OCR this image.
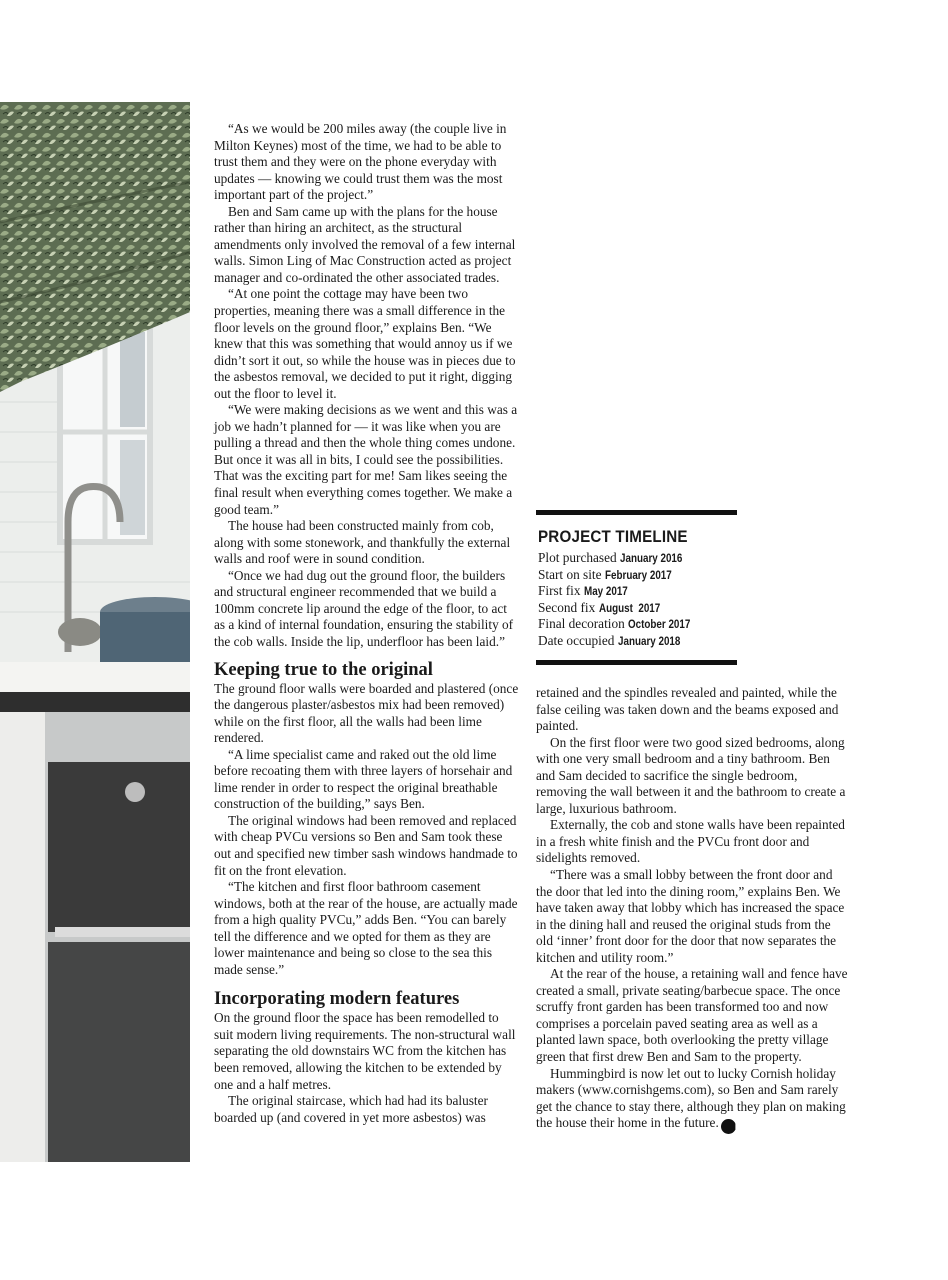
“As we would be 200 miles away (the couple live in Milton Keynes) most of the time, we had to be able to trust them and they were on the phone everyday with updates — knowing we could trust them was the most important part of the project.”

Ben and Sam came up with the plans for the house rather than hiring an architect, as the structural amendments only involved the removal of a few internal walls. Simon Ling of Mac Construction acted as project manager and co-ordinated the other associated trades.

“At one point the cottage may have been two properties, meaning there was a small difference in the floor levels on the ground floor,” explains Ben. “We knew that this was something that would annoy us if we didn’t sort it out, so while the house was in pieces due to the asbestos removal, we decided to put it right, digging out the floor to level it.

“We were making decisions as we went and this was a job we hadn’t planned for — it was like when you are pulling a thread and then the whole thing comes undone. But once it was all in bits, I could see the possibilities. That was the exciting part for me! Sam likes seeing the final result when everything comes together. We make a good team.”

The house had been constructed mainly from cob, along with some stonework, and thankfully the external walls and roof were in sound condition.

“Once we had dug out the ground floor, the builders and structural engineer recommended that we build a 100mm concrete lip around the edge of the floor, to act as a kind of internal foundation, ensuring the stability of the cob walls. Inside the lip, underfloor has been laid.”

Keeping true to the original

The ground floor walls were boarded and plastered (once the dangerous plaster/asbestos mix had been removed) while on the first floor, all the walls had been lime rendered.

“A lime specialist came and raked out the old lime before recoating them with three layers of horsehair and lime render in order to respect the original breathable construction of the building,” says Ben.

The original windows had been removed and replaced with cheap PVCu versions so Ben and Sam took these out and specified new timber sash windows handmade to fit on the front elevation.

“The kitchen and first floor bathroom casement windows, both at the rear of the house, are actually made from a high quality PVCu,” adds Ben. “You can barely tell the difference and we opted for them as they are lower maintenance and being so close to the sea this made sense.”

Incorporating modern features

On the ground floor the space has been remodelled to suit modern living requirements. The non-structural wall separating the old downstairs WC from the kitchen has been removed, allowing the kitchen to be extended by one and a half metres.

The original staircase, which had had its baluster boarded up (and covered in yet more asbestos) was

PROJECT TIMELINE
Plot purchased January 2016
Start on site February 2017
First fix May 2017
Second fix August  2017
Final decoration October 2017
Date occupied January 2018

retained and the spindles revealed and painted, while the false ceiling was taken down and the beams exposed and painted.

On the first floor were two good sized bedrooms, along with one very small bedroom and a tiny bathroom. Ben and Sam decided to sacrifice the single bedroom, removing the wall between it and the bathroom to create a large, luxurious bathroom.

Externally, the cob and stone walls have been repainted in a fresh white finish and the PVCu front door and sidelights removed.

“There was a small lobby between the front door and the door that led into the dining room,” explains Ben. We have taken away that lobby which has increased the space in the dining hall and reused the original studs from the old ‘inner’ front door for the door that now separates the kitchen and utility room.”

At the rear of the house, a retaining wall and fence have created a small, private seating/barbecue space. The once scruffy front garden has been transformed too and now comprises a porcelain paved seating area as well as a planted lawn space, both overlooking the pretty village green that first drew Ben and Sam to the property.

Hummingbird is now let out to lucky Cornish holiday makers (www.cornishgems.com), so Ben and Sam rarely get the chance to stay there, although they plan on making the house their home in the future. H
